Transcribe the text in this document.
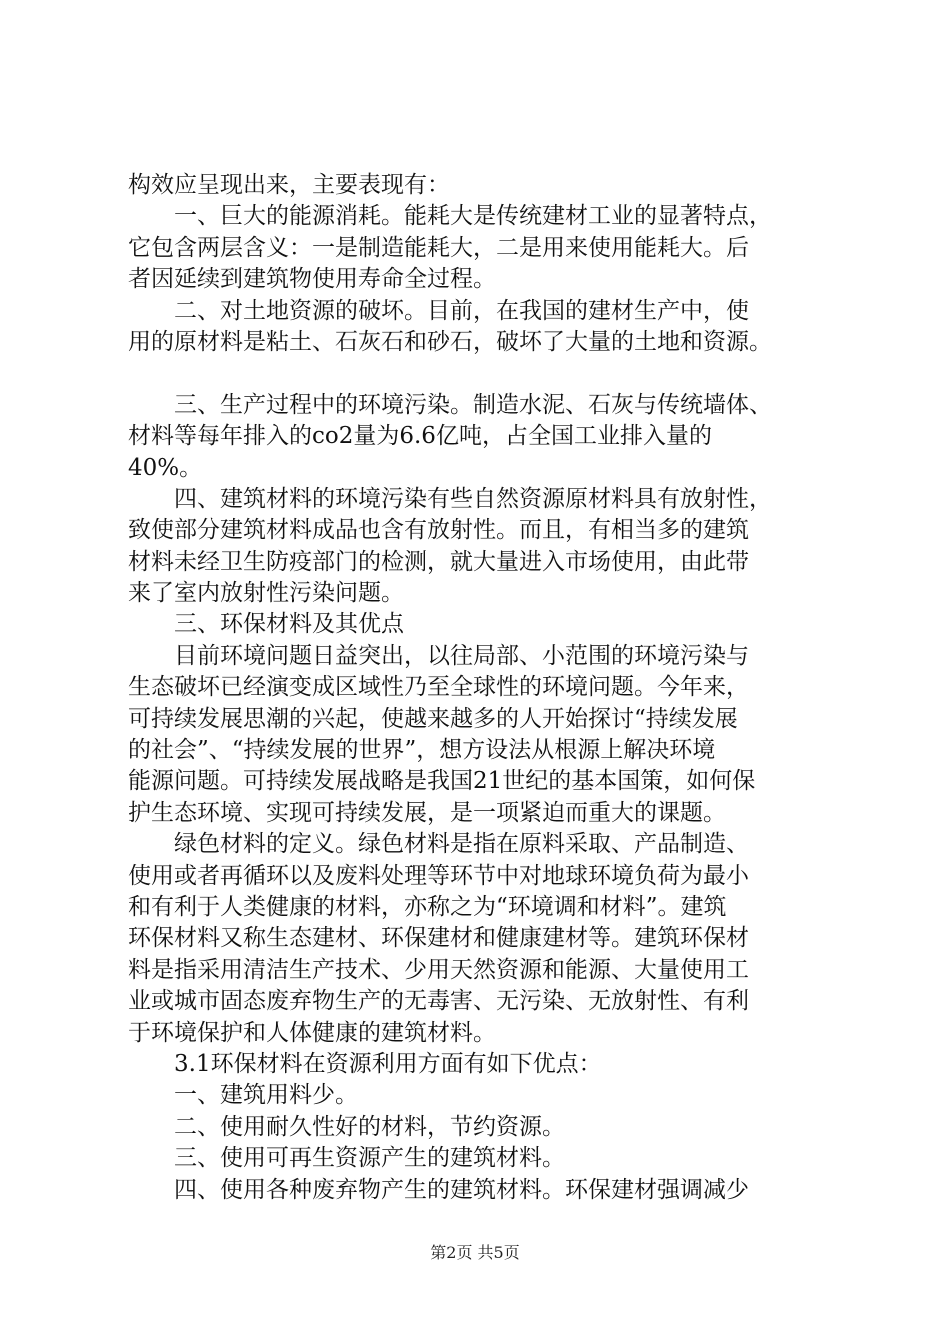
构效应呈现出来，主要表现有：
　　一、巨大的能源消耗。能耗大是传统建材工业的显著特点，
它包含两层含义：一是制造能耗大，二是用来使用能耗大。后
者因延续到建筑物使用寿命全过程。
　　二、对土地资源的破坏。目前，在我国的建材生产中，使
用的原材料是粘土、石灰石和砂石，破坏了大量的土地和资源。
　　三、生产过程中的环境污染。制造水泥、石灰与传统墙体、
材料等每年排入的co2量为6.6亿吨，占全国工业排入量的
40%。
　　四、建筑材料的环境污染有些自然资源原材料具有放射性，
致使部分建筑材料成品也含有放射性。而且，有相当多的建筑
材料未经卫生防疫部门的检测，就大量进入市场使用，由此带
来了室内放射性污染问题。
　　三、环保材料及其优点
　　目前环境问题日益突出，以往局部、小范围的环境污染与
生态破坏已经演变成区域性乃至全球性的环境问题。今年来，
可持续发展思潮的兴起，使越来越多的人开始探讨“持续发展
的社会”、“持续发展的世界”，想方设法从根源上解决环境
能源问题。可持续发展战略是我国21世纪的基本国策，如何保
护生态环境、实现可持续发展，是一项紧迫而重大的课题。
　　绿色材料的定义。绿色材料是指在原料采取、产品制造、
使用或者再循环以及废料处理等环节中对地球环境负荷为最小
和有利于人类健康的材料，亦称之为“环境调和材料”。建筑
环保材料又称生态建材、环保建材和健康建材等。建筑环保材
料是指采用清洁生产技术、少用天然资源和能源、大量使用工
业或城市固态废弃物生产的无毒害、无污染、无放射性、有利
于环境保护和人体健康的建筑材料。
　　3.1环保材料在资源利用方面有如下优点：
　　一、建筑用料少。
　　二、使用耐久性好的材料，节约资源。
　　三、使用可再生资源产生的建筑材料。
　　四、使用各种废弃物产生的建筑材料。环保建材强调减少
第2页 共5页
